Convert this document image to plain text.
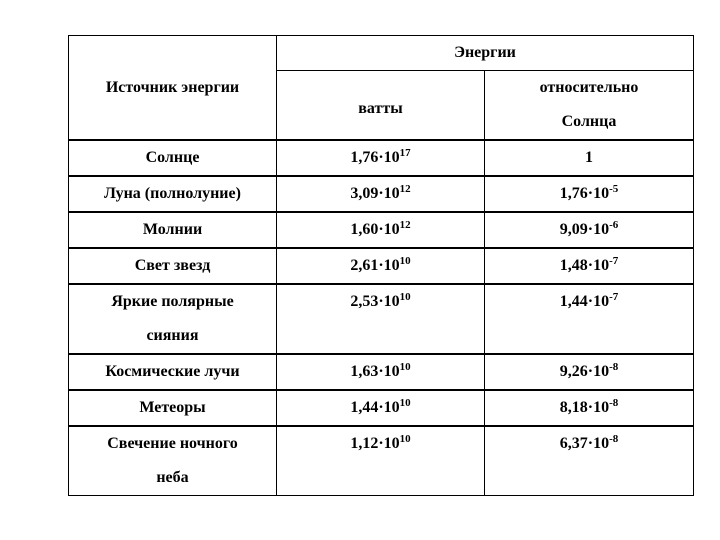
Источник энергии	Энергии	
	ватты	относительно
Солнца

Солнце	$1,76\cdot 10^{17}$	1
Луна (полнолуние)	$3,09\cdot 10^{12}$	$1,76\cdot 10^{-5}$
Молнии	$1,60\cdot 10^{12}$	$9,09\cdot 10^{-6}$
Свет звезд	$2,61\cdot 10^{10}$	$1,48\cdot 10^{-7}$

Яркие полярные
сияния	$2,53\cdot 10^{10}$	$1,44\cdot 10^{-7}$

Космические лучи	$1,63\cdot 10^{10}$	$9,26\cdot 10^{-8}$
Метеоры	$1,44\cdot 10^{10}$	$8,18\cdot 10^{-8}$

Свечение ночного
неба	$1,12\cdot 10^{10}$	$6,37\cdot 10^{-8}$
